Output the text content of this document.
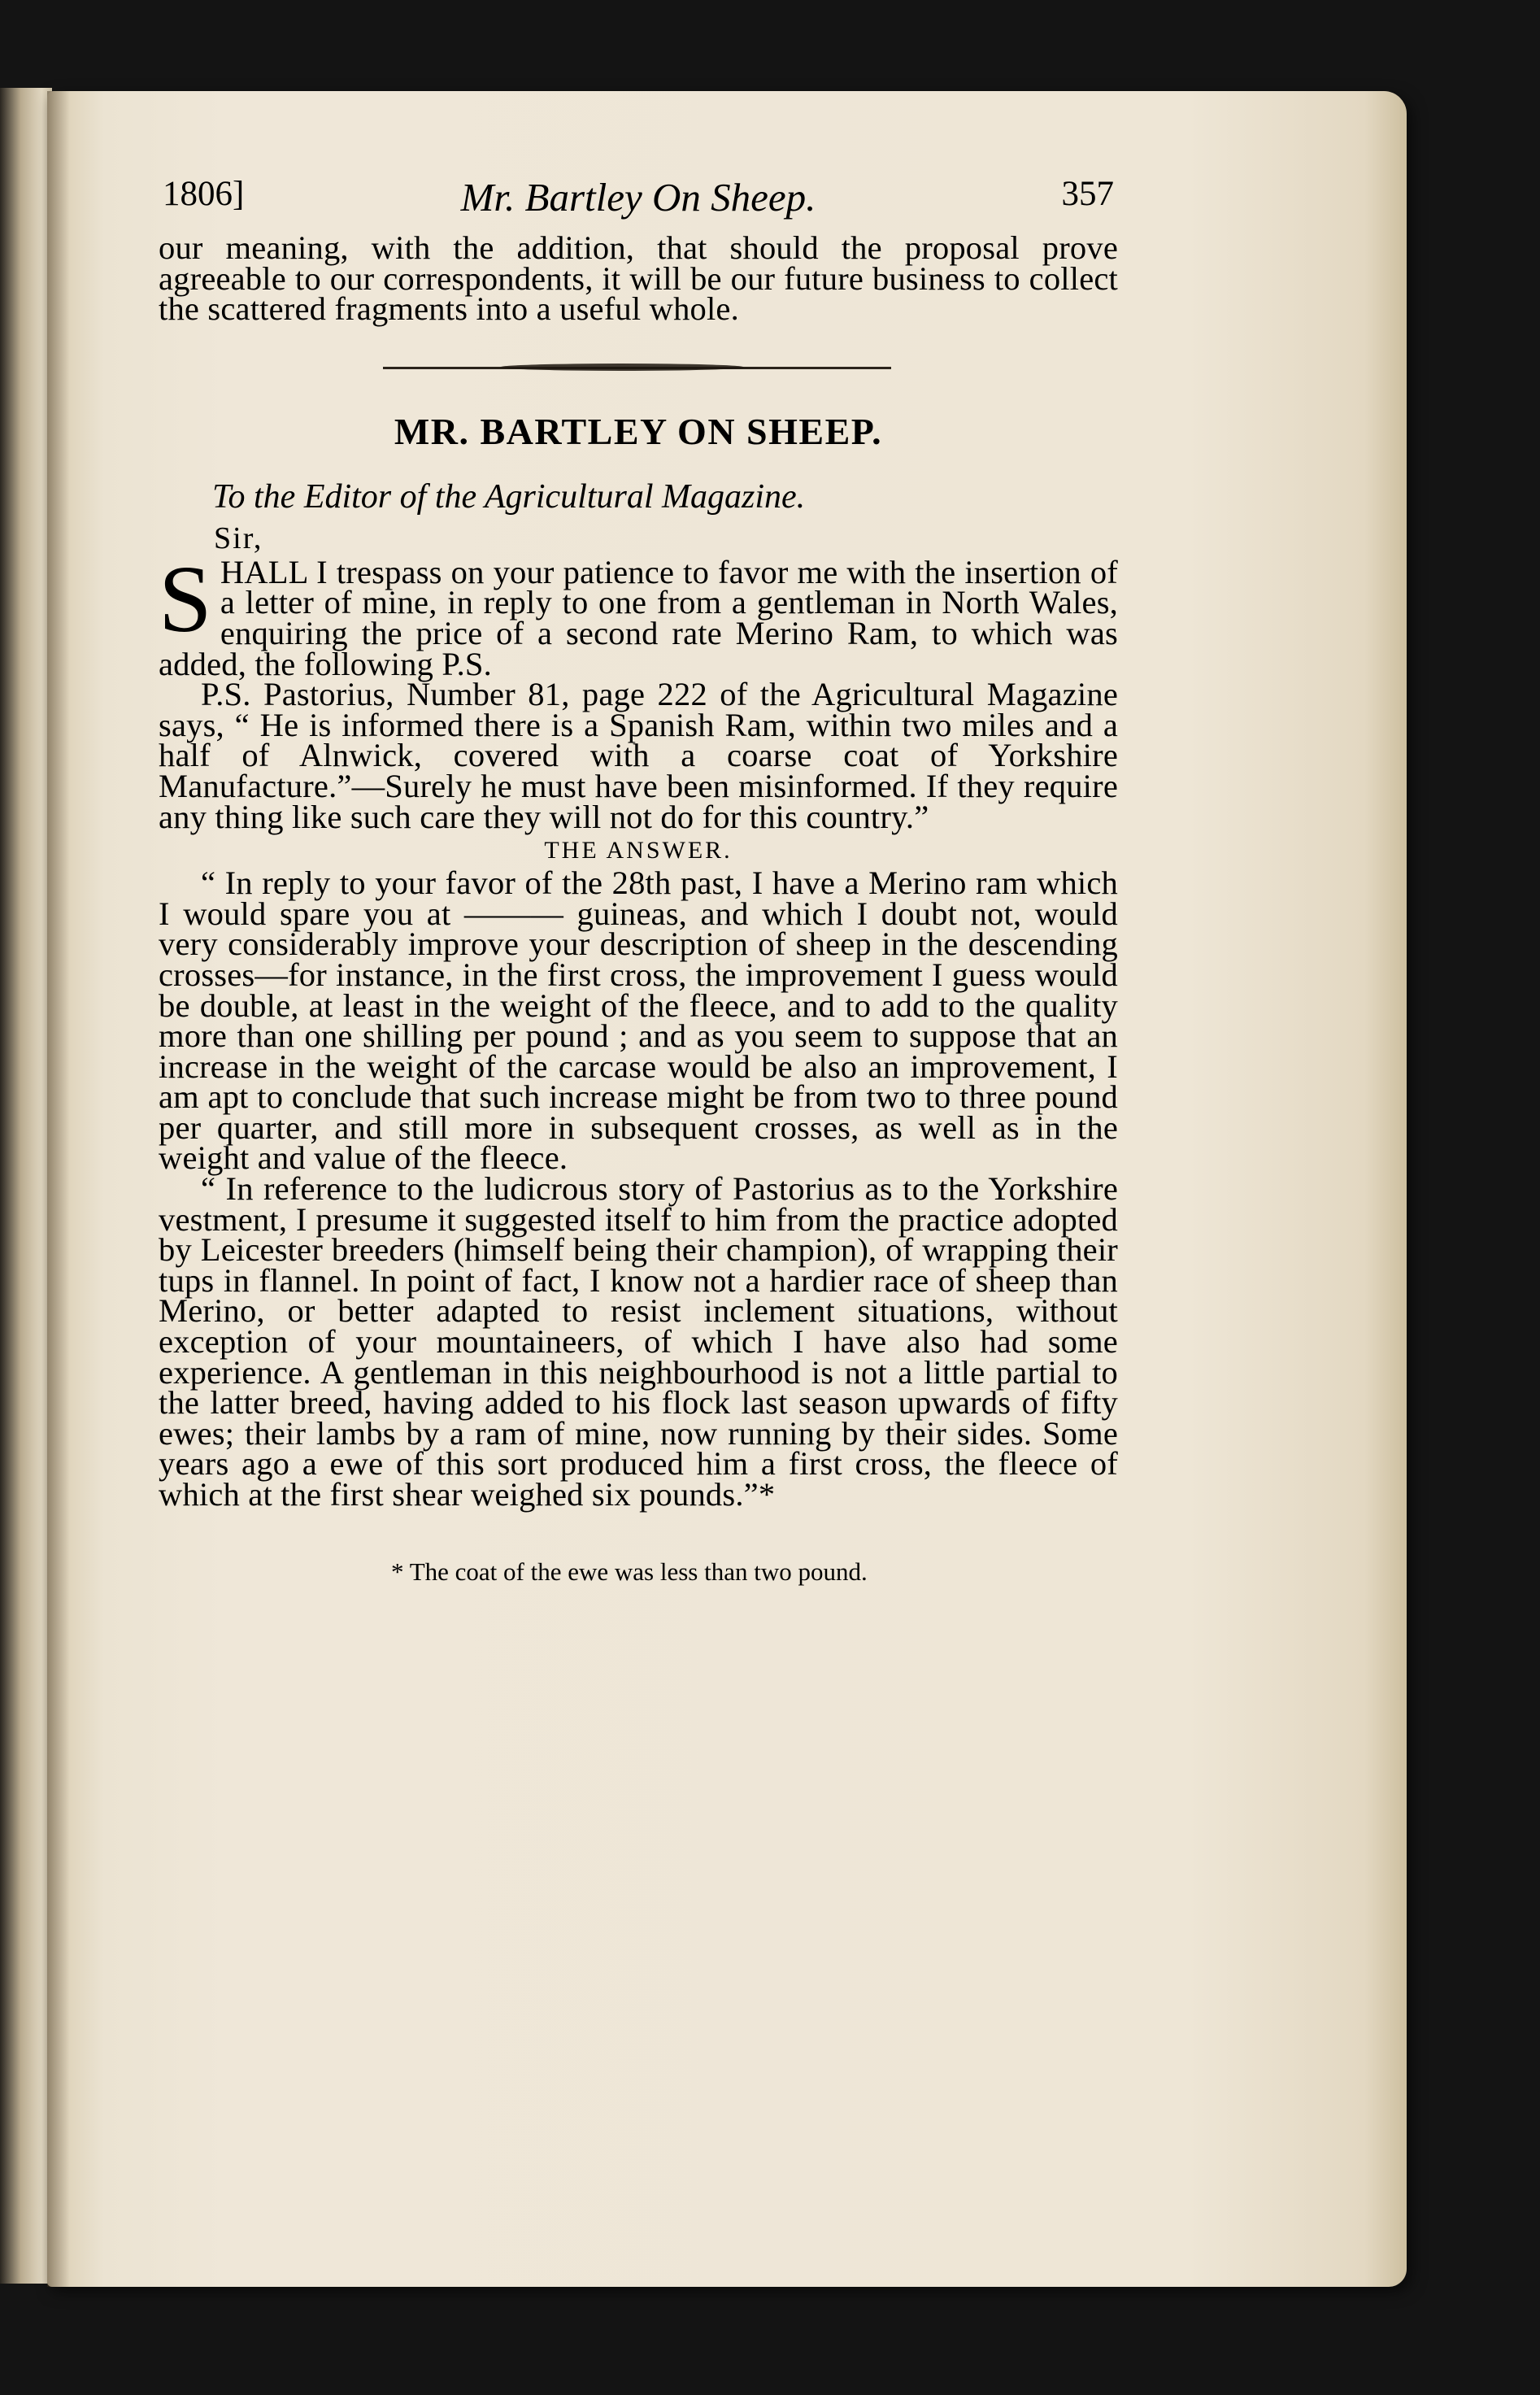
1806]	Mr. Bartley On Sheep.	357

our meaning, with the addition, that should the proposal prove agreeable to our correspondents, it will be our future business to collect the scattered fragments into a useful whole.

MR. BARTLEY ON SHEEP.

To the Editor of the Agricultural Magazine.

Sir,

SHALL I trespass on your patience to favor me with the insertion of a letter of mine, in reply to one from a gentleman in North Wales, enquiring the price of a second rate Merino Ram, to which was added, the following P.S.

P.S. Pastorius, Number 81, page 222 of the Agricultural Magazine says, “ He is informed there is a Spanish Ram, within two miles and a half of Alnwick, covered with a coarse coat of Yorkshire Manufacture.”—Surely he must have been misinformed. If they require any thing like such care they will not do for this country.”

THE ANSWER.

“ In reply to your favor of the 28th past, I have a Merino ram which I would spare you at ——— guineas, and which I doubt not, would very considerably improve your description of sheep in the descending crosses—for instance, in the first cross, the improvement I guess would be double, at least in the weight of the fleece, and to add to the quality more than one shilling per pound ; and as you seem to suppose that an increase in the weight of the carcase would be also an improvement, I am apt to conclude that such increase might be from two to three pound per quarter, and still more in subsequent crosses, as well as in the weight and value of the fleece.

“ In reference to the ludicrous story of Pastorius as to the Yorkshire vestment, I presume it suggested itself to him from the practice adopted by Leicester breeders (himself being their champion), of wrapping their tups in flannel. In point of fact, I know not a hardier race of sheep than Merino, or better adapted to resist inclement situations, without exception of your mountaineers, of which I have also had some experience. A gentleman in this neighbourhood is not a little partial to the latter breed, having added to his flock last season upwards of fifty ewes; their lambs by a ram of mine, now running by their sides. Some years ago a ewe of this sort produced him a first cross, the fleece of which at the first shear weighed six pounds.”*

* The coat of the ewe was less than two pound.
